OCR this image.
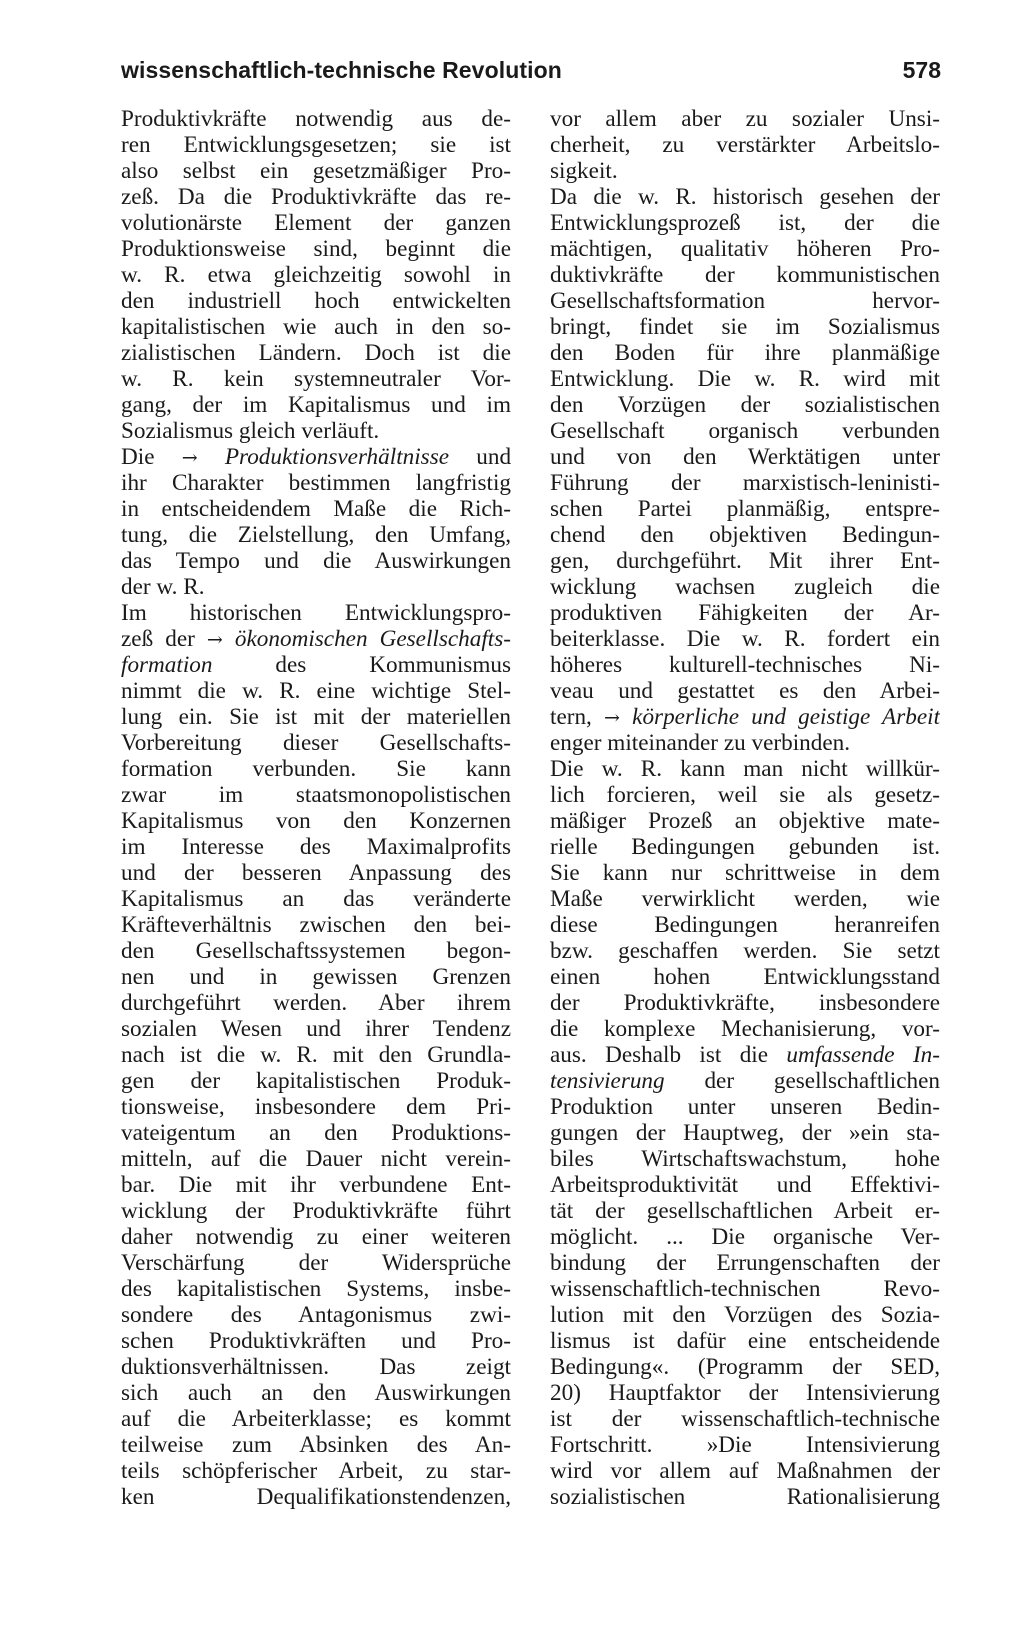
wissenschaftlich-technische Revolution	578
Produktivkräfte notwendig aus de-
ren Entwicklungsgesetzen; sie ist
also selbst ein gesetzmäßiger Pro-
zeß. Da die Produktivkräfte das re-
volutionärste Element der ganzen
Produktionsweise sind, beginnt die
w. R. etwa gleichzeitig sowohl in
den industriell hoch entwickelten
kapitalistischen wie auch in den so-
zialistischen Ländern. Doch ist die
w. R. kein systemneutraler Vor-
gang, der im Kapitalismus und im
Sozialismus gleich verläuft.
Die → Produktionsverhältnisse und
ihr Charakter bestimmen langfristig
in entscheidendem Maße die Rich-
tung, die Zielstellung, den Umfang,
das Tempo und die Auswirkungen
der w. R.
Im historischen Entwicklungspro-
zeß der → ökonomischen Gesellschafts-
formation	des Kommunismus
nimmt die w. R. eine wichtige Stel-
lung ein. Sie ist mit der materiellen
Vorbereitung dieser Gesellschafts-
formation verbunden. Sie kann
zwar im staatsmonopolistischen
Kapitalismus von den Konzernen
im Interesse des Maximalprofits
und der besseren Anpassung des
Kapitalismus an das veränderte
Kräfteverhältnis zwischen den bei-
den Gesellschaftssystemen begon-
nen und in gewissen Grenzen
durchgeführt werden. Aber ihrem
sozialen Wesen und ihrer Tendenz
nach ist die w. R. mit den Grundla-
gen der kapitalistischen Produk-
tionsweise, insbesondere dem Pri-
vateigentum an den Produktions-
mitteln, auf die Dauer nicht verein-
bar. Die mit ihr verbundene Ent-
wicklung der Produktivkräfte führt
daher notwendig zu einer weiteren
Verschärfung der Widersprüche
des kapitalistischen Systems, insbe-
sondere des Antagonismus zwi-
schen Produktivkräften und Pro-
duktionsverhältnissen. Das zeigt
sich auch an den Auswirkungen
auf die Arbeiterklasse; es kommt
teilweise zum Absinken des An-
teils schöpferischer Arbeit, zu star-
ken Dequalifikationstendenzen,
vor allem aber zu sozialer Unsi-
cherheit, zu verstärkter Arbeitslo-
sigkeit.
Da die w. R. historisch gesehen der
Entwicklungsprozeß ist, der die
mächtigen, qualitativ höheren Pro-
duktivkräfte der kommunistischen
Gesellschaftsformation hervor-
bringt, findet sie im Sozialismus
den Boden für ihre planmäßige
Entwicklung. Die w. R. wird mit
den Vorzügen der sozialistischen
Gesellschaft organisch verbunden
und von den Werktätigen unter
Führung der marxistisch-leninisti-
schen Partei planmäßig, entspre-
chend den objektiven Bedingun-
gen, durchgeführt. Mit ihrer Ent-
wicklung wachsen zugleich die
produktiven Fähigkeiten der Ar-
beiterklasse. Die w. R. fordert ein
höheres kulturell-technisches Ni-
veau und gestattet es den Arbei-
tern, → körperliche und geistige Arbeit
enger miteinander zu verbinden.
Die w. R. kann man nicht willkür-
lich forcieren, weil sie als gesetz-
mäßiger Prozeß an objektive mate-
rielle Bedingungen gebunden ist.
Sie kann nur schrittweise in dem
Maße verwirklicht werden, wie
diese Bedingungen heranreifen
bzw. geschaffen werden. Sie setzt
einen hohen Entwicklungsstand
der Produktivkräfte, insbesondere
die komplexe Mechanisierung, vor-
aus. Deshalb ist die umfassende In-
tensivierung der gesellschaftlichen
Produktion unter unseren Bedin-
gungen der Hauptweg, der »ein sta-
biles Wirtschaftswachstum, hohe
Arbeitsproduktivität und Effektivi-
tät der gesellschaftlichen Arbeit er-
möglicht. ... Die organische Ver-
bindung der Errungenschaften der
wissenschaftlich-technischen Revo-
lution mit den Vorzügen des Sozia-
lismus ist dafür eine entscheidende
Bedingung«. (Programm der SED,
20) Hauptfaktor der Intensivierung
ist der wissenschaftlich-technische
Fortschritt. »Die Intensivierung
wird vor allem auf Maßnahmen der
sozialistischen Rationalisierung
